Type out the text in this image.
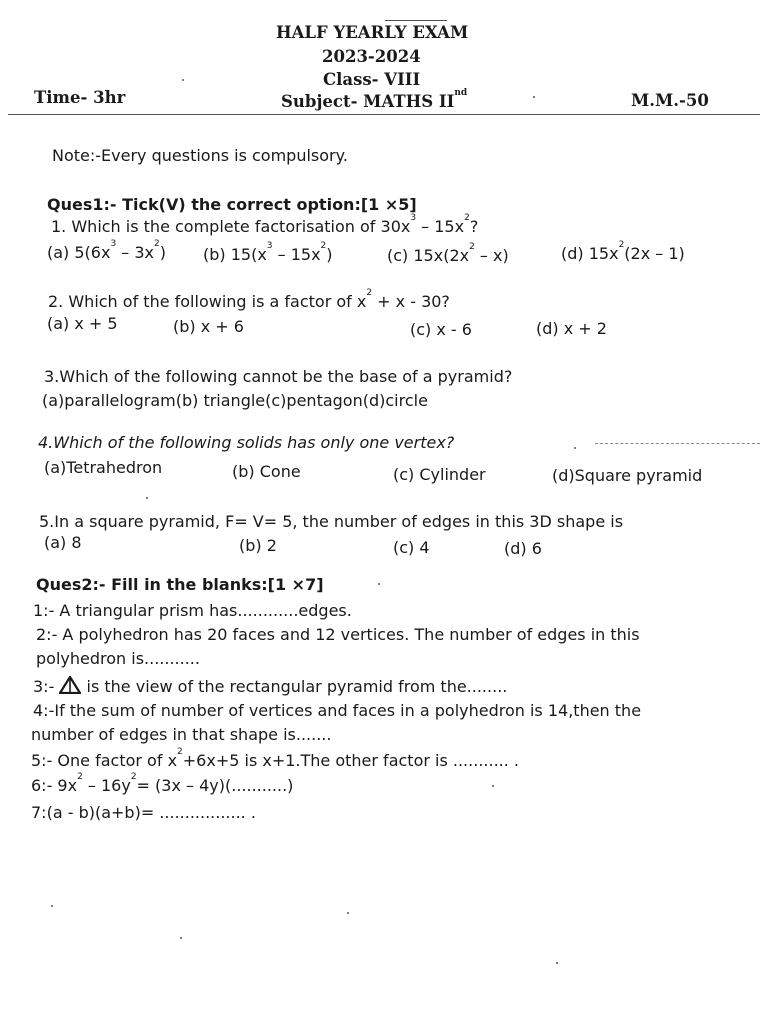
HALF YEARLY EXAM
2023-2024
Class- VIII
Time- 3hr	Subject- MATHS IInd	M.M.-50
Note:-Every questions is compulsory.
Ques1:- Tick(V) the correct option:[1 ×5]
1. Which is the complete factorisation of $30x^3 - 15x^2$?
(a) $5(6x^3 - 3x^2)$ (b) $15(x^3 - 15x^2)$	(c) $15x(2x^2 - x)$	(d) $15x^2(2x - 1)$
2. Which of the following is a factor of $x^2 + x - 30$?
(a) x + 5	(b) x + 6	(c) x - 6	(d) x + 2
3.Which of the following cannot be the base of a pyramid?
(a)parallelogram(b) triangle(c)pentagon(d)circle
4.Which of the following solids has only one vertex?
(a)Tetrahedron	(b) Cone	(c) Cylinder	(d)Square pyramid
5.In a square pyramid, F= V= 5, the number of edges in this 3D shape is
(a) 8	(b) 2	(c) 4	(d) 6
Ques2:- Fill in the blanks:[1 ×7]
1:- A triangular prism has............edges.
2:- A polyhedron has 20 faces and 12 vertices. The number of edges in this
polyhedron is...........
3:-  is the view of the rectangular pyramid from the........
4:-If the sum of number of vertices and faces in a polyhedron is 14,then the
number of edges in that shape is.......
5:- One factor of $x^2+6x+5$ is x+1.The other factor is ........... .
6:- $9x^2 - 16y^2= (3x - 4y)(...........)$
7:(a - b)(a+b)= ................. .
